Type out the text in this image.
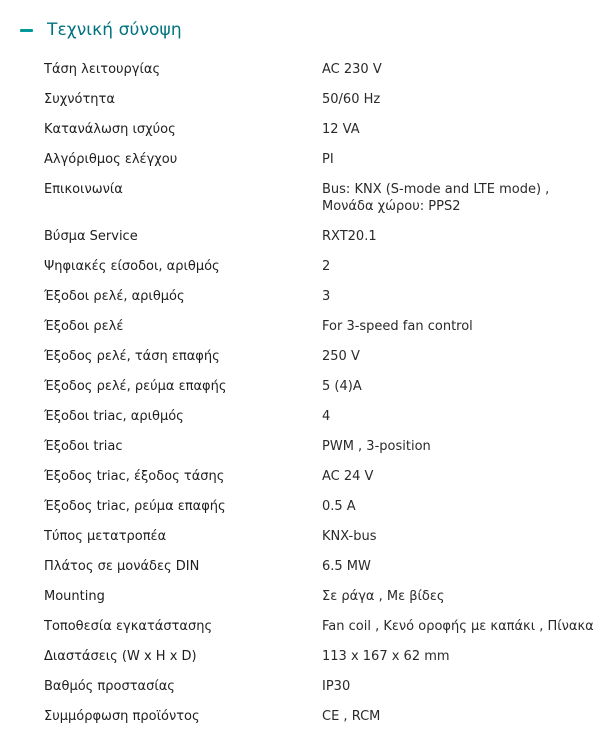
Τεχνική σύνοψη
Τάση λειτουργίας	AC 230 V
Συχνότητα	50/60 Hz
Κατανάλωση ισχύος	12 VA
Αλγόριθμος ελέγχου	PI
Επικοινωνία	Bus: KNX (S-mode and LTE mode) , Μονάδα χώρου: PPS2
Βύσμα Service	RXT20.1
Ψηφιακές είσοδοι, αριθμός	2
Έξοδοι ρελέ, αριθμός	3
Έξοδοι ρελέ	For 3-speed fan control
Έξοδος ρελέ, τάση επαφής	250 V
Έξοδος ρελέ, ρεύμα επαφής	5 (4)A
Έξοδοι triac, αριθμός	4
Έξοδοι triac	PWM , 3-position
Έξοδος triac, έξοδος τάσης	AC 24 V
Έξοδος triac, ρεύμα επαφής	0.5 A
Τύπος μετατροπέα	KNX-bus
Πλάτος σε μονάδες DIN	6.5 MW
Mounting	Σε ράγα , Με βίδες
Τοποθεσία εγκατάστασης	Fan coil , Κενό οροφής με καπάκι , Πίνακα
Διαστάσεις (W x H x D)	113 x 167 x 62 mm
Βαθμός προστασίας	IP30
Συμμόρφωση προϊόντος	CE , RCM
